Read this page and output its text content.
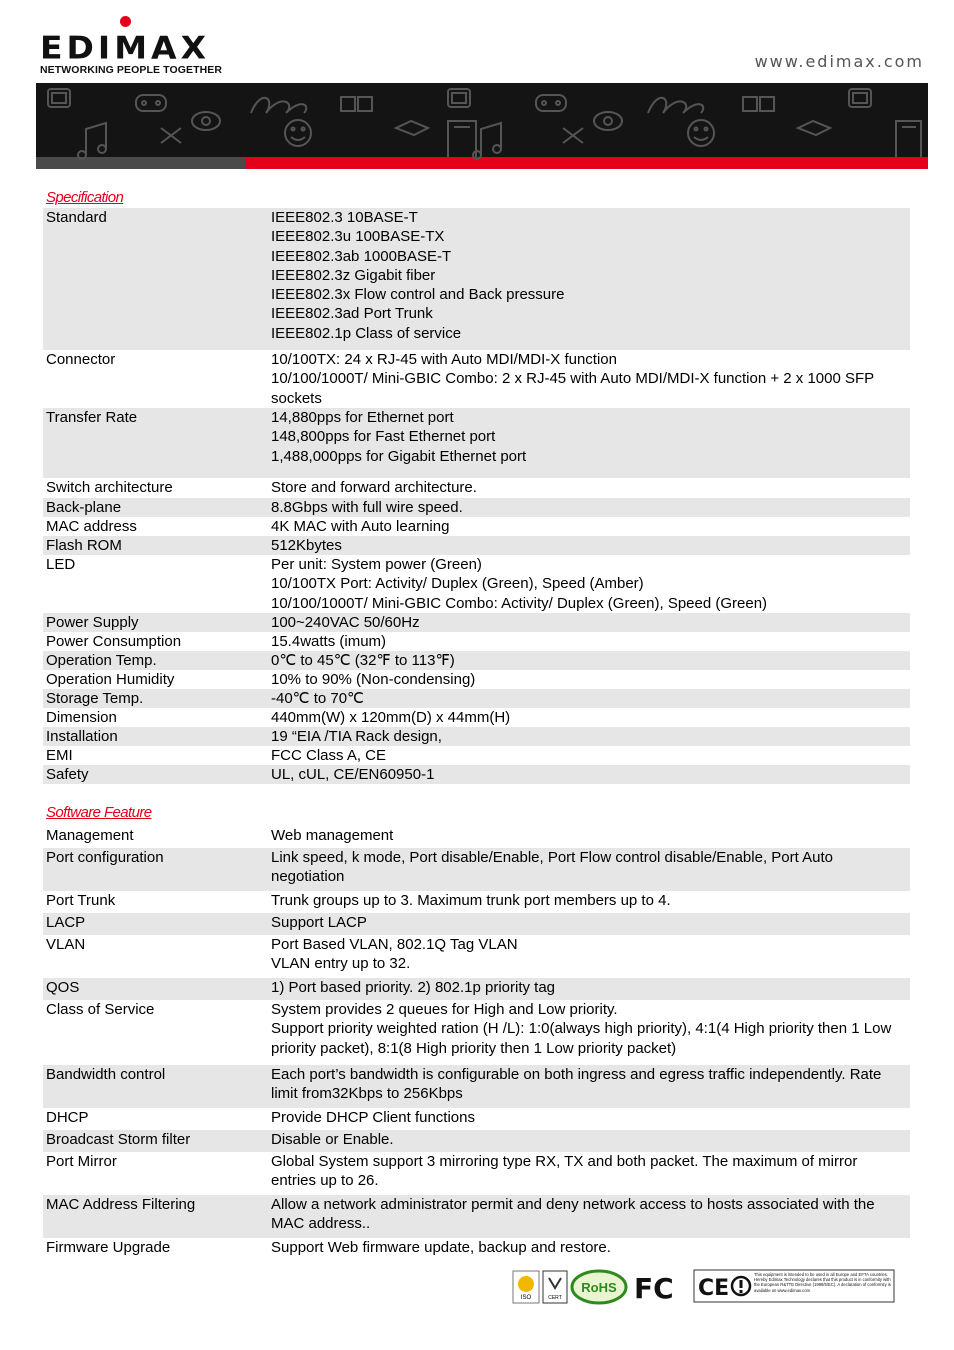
EDIMAX
NETWORKING PEOPLE TOGETHER	www.edimax.com
Specification
Standard	IEEE802.3 10BASE-T
IEEE802.3u 100BASE-TX
IEEE802.3ab 1000BASE-T
IEEE802.3z Gigabit fiber
IEEE802.3x Flow control and Back pressure
IEEE802.3ad Port Trunk
IEEE802.1p Class of service
Connector	10/100TX: 24 x RJ-45 with Auto MDI/MDI-X function
10/100/1000T/ Mini-GBIC Combo: 2 x RJ-45 with Auto MDI/MDI-X function + 2 x 1000 SFP sockets
Transfer Rate	14,880pps for Ethernet port
148,800pps for Fast Ethernet port
1,488,000pps for Gigabit Ethernet port
Switch architecture	Store and forward architecture.
Back-plane	8.8Gbps with full wire speed.
MAC address	4K MAC with Auto learning
Flash ROM	512Kbytes
LED	Per unit: System power (Green)
10/100TX Port: Activity/ Duplex (Green), Speed (Amber)
10/100/1000T/ Mini-GBIC Combo: Activity/ Duplex (Green), Speed (Green)
Power Supply	100~240VAC 50/60Hz
Power Consumption	15.4watts (imum)
Operation Temp.	0℃ to 45℃ (32℉ to 113℉)
Operation Humidity	10% to 90% (Non-condensing)
Storage Temp.	-40℃ to 70℃
Dimension	440mm(W) x 120mm(D) x 44mm(H)
Installation	19 “EIA /TIA Rack design,
EMI	FCC Class A, CE
Safety	UL, cUL, CE/EN60950-1
Software Feature
Management	Web management
Port configuration	Link speed, k mode, Port disable/Enable, Port Flow control disable/Enable, Port Auto negotiation
Port Trunk	Trunk groups up to 3. Maximum trunk port members up to 4.
LACP	Support LACP
VLAN	Port Based VLAN, 802.1Q Tag VLAN
VLAN entry up to 32.
QOS	1) Port based priority. 2) 802.1p priority tag
Class of Service	System provides 2 queues for High and Low priority.
Support priority weighted ration (H /L): 1:0(always high priority), 4:1(4 High priority then 1 Low priority packet), 8:1(8 High priority then 1 Low priority packet)
Bandwidth control	Each port’s bandwidth is configurable on both ingress and egress traffic independently. Rate limit from32Kbps to 256Kbps
DHCP	Provide DHCP Client functions
Broadcast Storm filter	Disable or Enable.
Port Mirror	Global System support 3 mirroring type RX, TX and both packet. The maximum of mirror entries up to 26.
MAC Address Filtering	Allow a network administrator permit and deny network access to hosts associated with the MAC address..
Firmware Upgrade	Support Web firmware update, backup and restore.
ISO	CERT
RoHS FC CE
This equipment is intended to be used in all Europe and EFTA countries. Hereby Edimax Technology declares that this product is in conformity with the European R&TTE Directive (1999/5/EC). A declaration of conformity is available on www.edimax.com
